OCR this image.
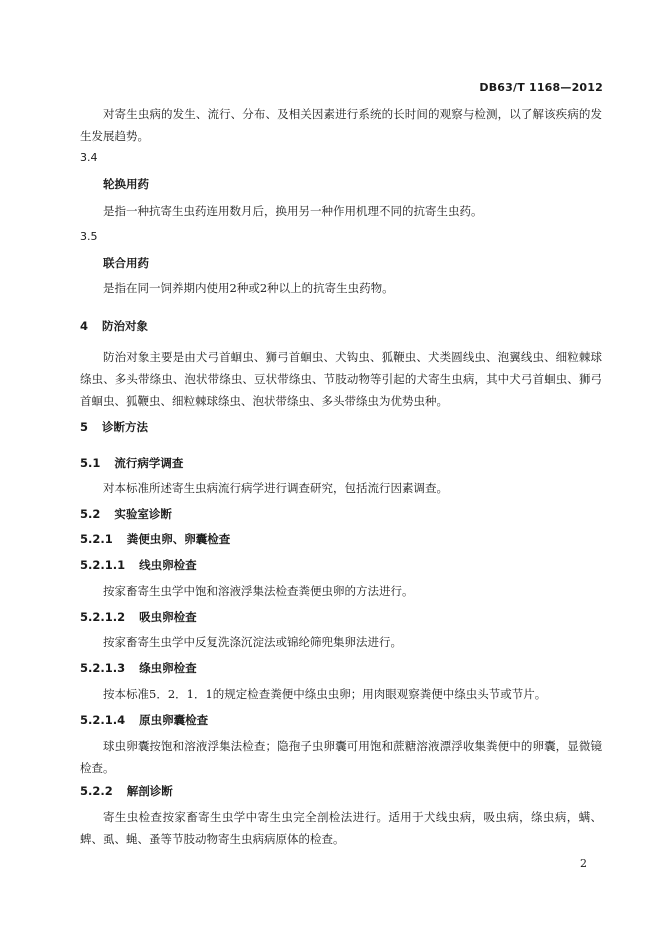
DB63/T 1168—2012
对寄生虫病的发生、流行、分布、及相关因素进行系统的长时间的观察与检测，以了解该疾病的发生发展趋势。
3.4
轮换用药
是指一种抗寄生虫药连用数月后，换用另一种作用机理不同的抗寄生虫药。
3.5
联合用药
是指在同一饲养期内使用2种或2种以上的抗寄生虫药物。
4 防治对象
防治对象主要是由犬弓首蛔虫、狮弓首蛔虫、犬钩虫、狐鞭虫、犬类圆线虫、泡翼线虫、细粒棘球绦虫、多头带绦虫、泡状带绦虫、豆状带绦虫、节肢动物等引起的犬寄生虫病，其中犬弓首蛔虫、狮弓首蛔虫、狐鞭虫、细粒棘球绦虫、泡状带绦虫、多头带绦虫为优势虫种。
5 诊断方法
5.1 流行病学调查
对本标准所述寄生虫病流行病学进行调查研究，包括流行因素调查。
5.2 实验室诊断
5.2.1 粪便虫卵、卵囊检查
5.2.1.1 线虫卵检查
按家畜寄生虫学中饱和溶液浮集法检查粪便虫卵的方法进行。
5.2.1.2 吸虫卵检查
按家畜寄生虫学中反复洗涤沉淀法或锦纶筛兜集卵法进行。
5.2.1.3 绦虫卵检查
按本标准5．2．1．1的规定检查粪便中绦虫虫卵；用肉眼观察粪便中绦虫头节或节片。
5.2.1.4 原虫卵囊检查
球虫卵囊按饱和溶液浮集法检查；隐孢子虫卵囊可用饱和蔗糖溶液漂浮收集粪便中的卵囊，显微镜检查。
5.2.2 解剖诊断
寄生虫检查按家畜寄生虫学中寄生虫完全剖检法进行。适用于犬线虫病，吸虫病，绦虫病，螨、蜱、虱、蝇、蚤等节肢动物寄生虫病病原体的检查。
2
